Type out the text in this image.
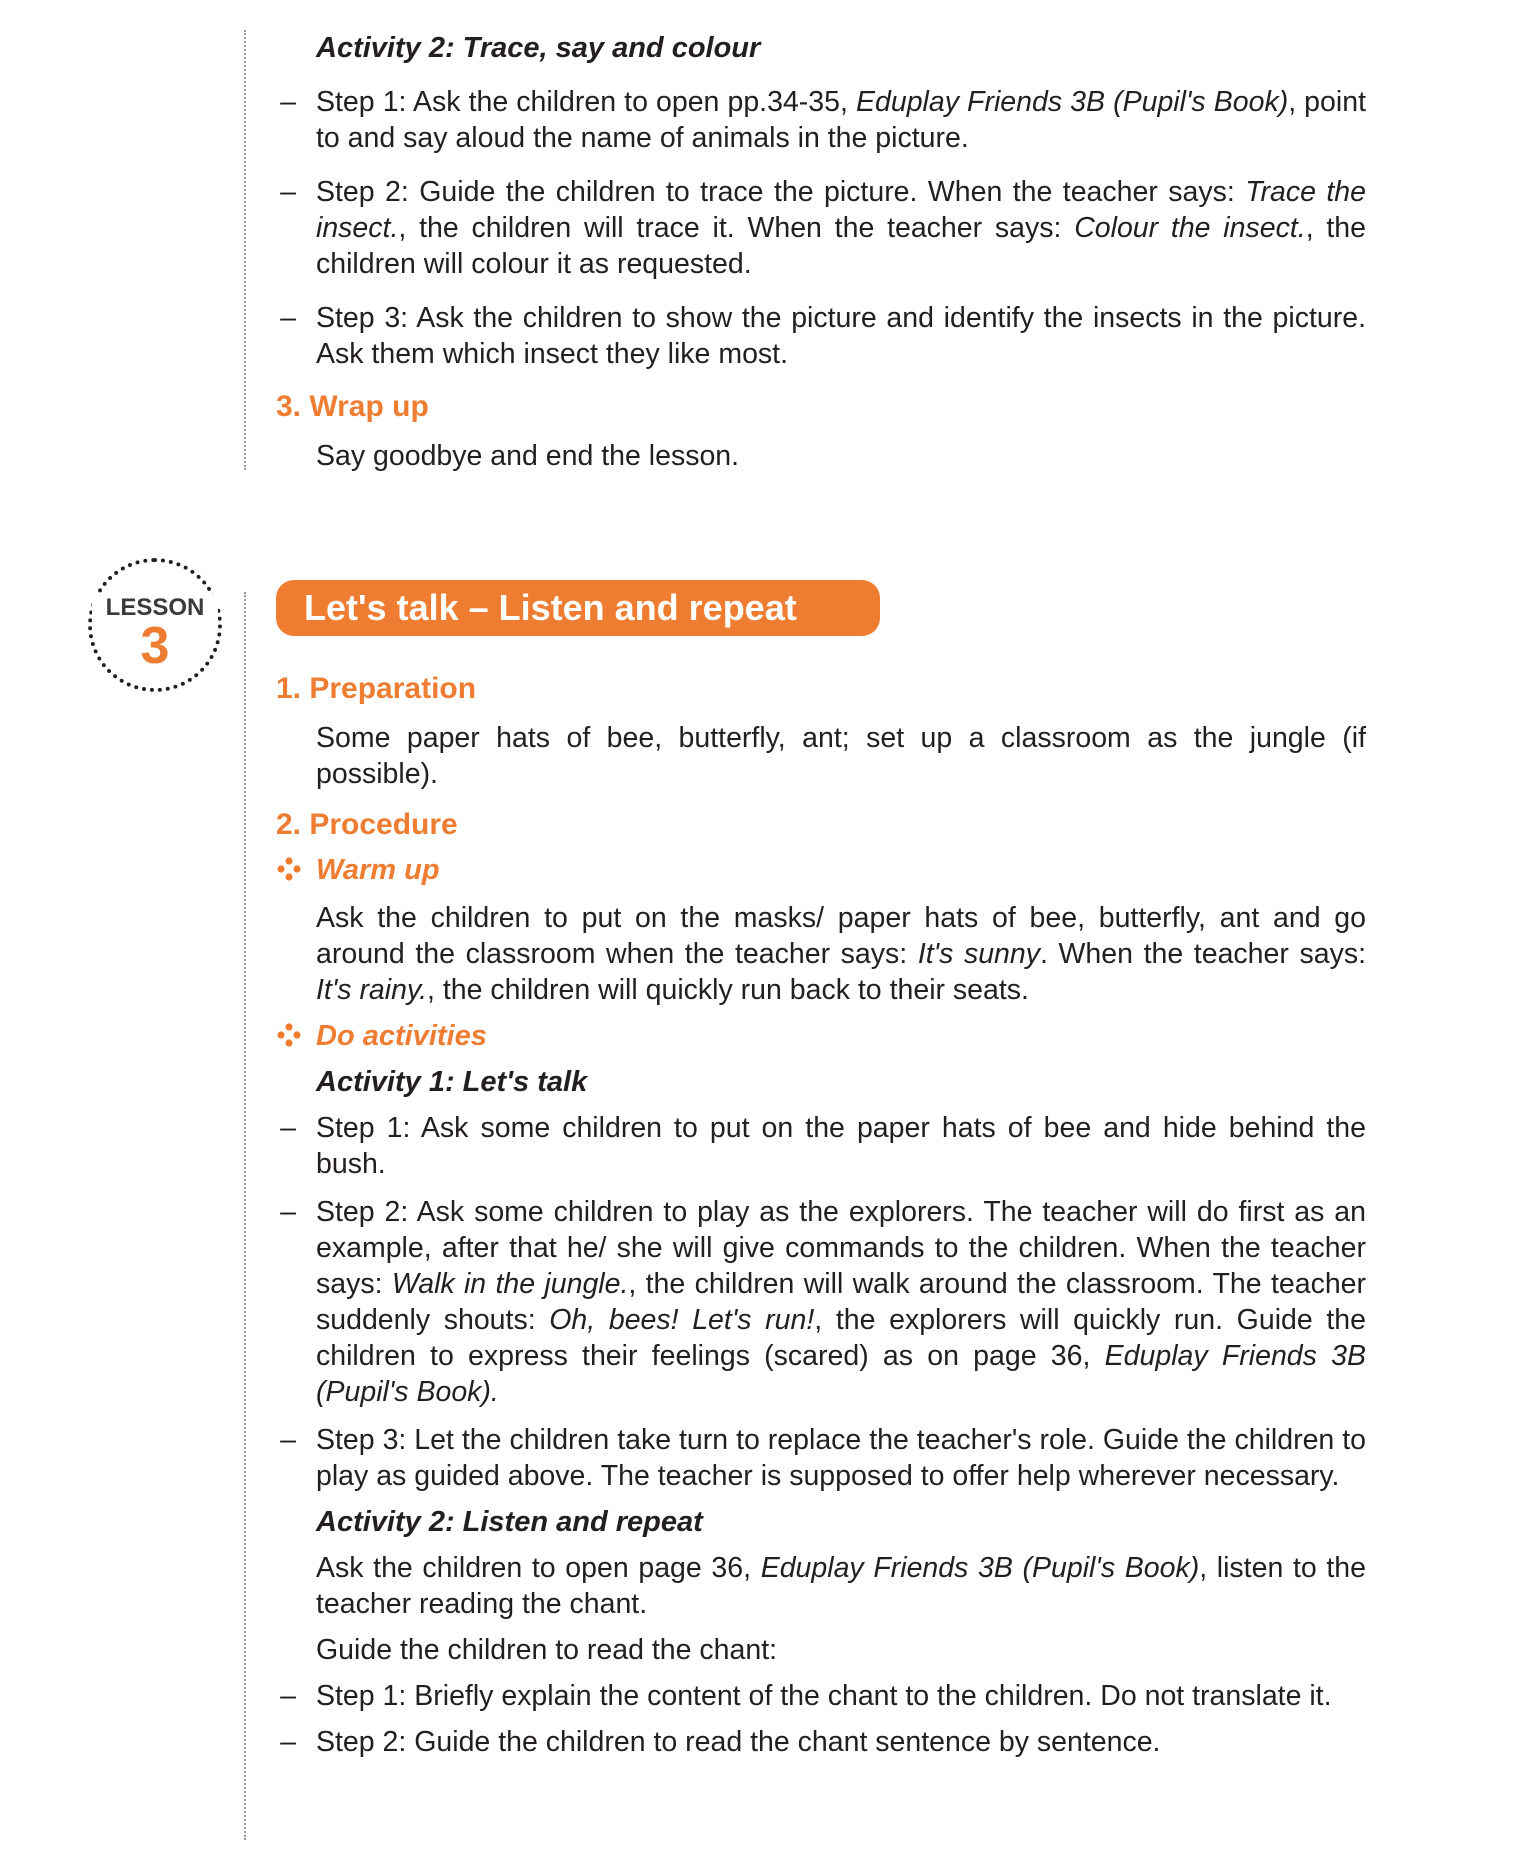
Activity 2: Trace, say and colour
– Step 1: Ask the children to open pp.34-35, Eduplay Friends 3B (Pupil's Book), point to and say aloud the name of animals in the picture.
– Step 2: Guide the children to trace the picture. When the teacher says: Trace the insect., the children will trace it. When the teacher says: Colour the insect., the children will colour it as requested.
– Step 3: Ask the children to show the picture and identify the insects in the picture. Ask them which insect they like most.
3. Wrap up
Say goodbye and end the lesson.
LESSON
3
Let's talk – Listen and repeat
1. Preparation
Some paper hats of bee, butterfly, ant; set up a classroom as the jungle (if possible).
2. Procedure
Warm up
Ask the children to put on the masks/ paper hats of bee, butterfly, ant and go around the classroom when the teacher says: It's sunny. When the teacher says: It's rainy., the children will quickly run back to their seats.
Do activities
Activity 1: Let's talk
– Step 1: Ask some children to put on the paper hats of bee and hide behind the bush.
– Step 2: Ask some children to play as the explorers. The teacher will do first as an example, after that he/ she will give commands to the children. When the teacher says: Walk in the jungle., the children will walk around the classroom. The teacher suddenly shouts: Oh, bees! Let's run!, the explorers will quickly run. Guide the children to express their feelings (scared) as on page 36, Eduplay Friends 3B (Pupil's Book).
– Step 3: Let the children take turn to replace the teacher's role. Guide the children to play as guided above. The teacher is supposed to offer help wherever necessary.
Activity 2: Listen and repeat
Ask the children to open page 36, Eduplay Friends 3B (Pupil's Book), listen to the teacher reading the chant.
Guide the children to read the chant:
– Step 1: Briefly explain the content of the chant to the children. Do not translate it.
– Step 2: Guide the children to read the chant sentence by sentence.
